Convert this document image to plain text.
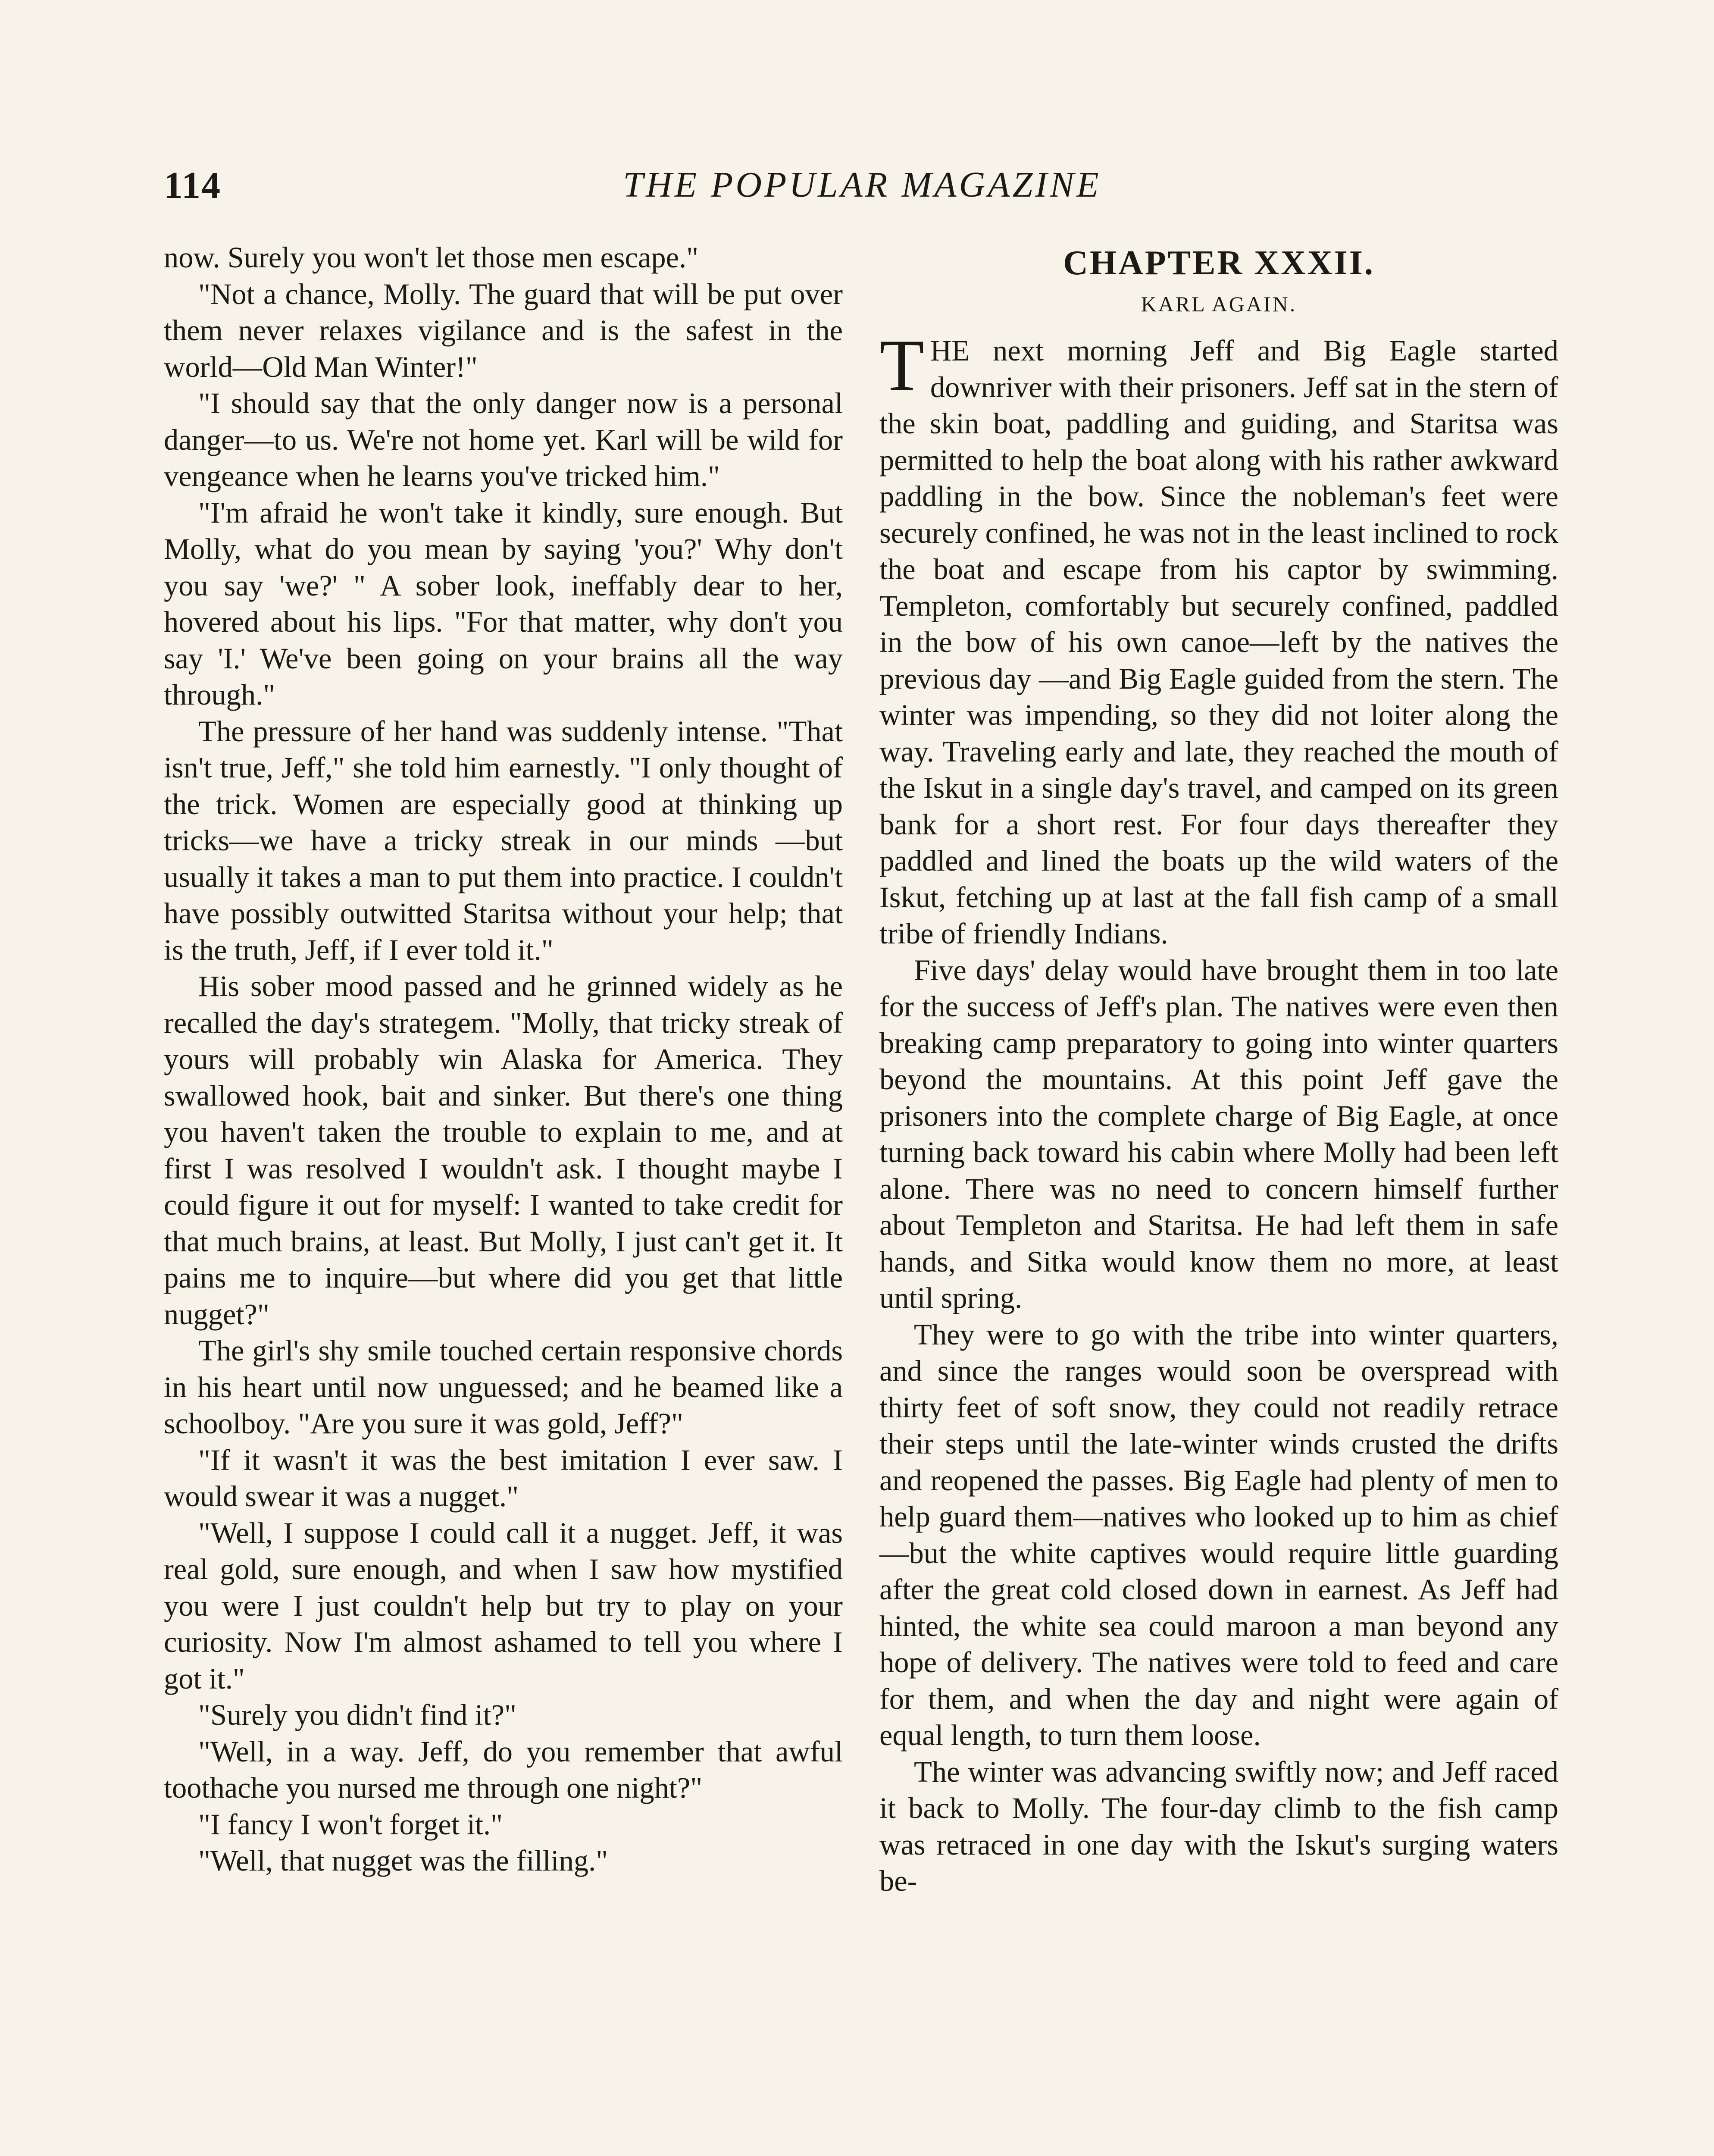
114	THE POPULAR MAGAZINE

now. Surely you won't let those men escape."

"Not a chance, Molly. The guard that will be put over them never relaxes vigilance and is the safest in the world—Old Man Winter!"

"I should say that the only danger now is a personal danger—to us. We're not home yet. Karl will be wild for vengeance when he learns you've tricked him."

"I'm afraid he won't take it kindly, sure enough. But Molly, what do you mean by saying 'you?' Why don't you say 'we?' " A sober look, ineffably dear to her, hovered about his lips. "For that matter, why don't you say 'I.' We've been going on your brains all the way through."

The pressure of her hand was suddenly intense. "That isn't true, Jeff," she told him earnestly. "I only thought of the trick. Women are especially good at thinking up tricks—we have a tricky streak in our minds —but usually it takes a man to put them into practice. I couldn't have possibly outwitted Staritsa without your help; that is the truth, Jeff, if I ever told it."

His sober mood passed and he grinned widely as he recalled the day's strategem. "Molly, that tricky streak of yours will probably win Alaska for America. They swallowed hook, bait and sinker. But there's one thing you haven't taken the trouble to explain to me, and at first I was resolved I wouldn't ask. I thought maybe I could figure it out for myself: I wanted to take credit for that much brains, at least. But Molly, I just can't get it. It pains me to inquire—but where did you get that little nugget?"

The girl's shy smile touched certain responsive chords in his heart until now unguessed; and he beamed like a schoolboy. "Are you sure it was gold, Jeff?"

"If it wasn't it was the best imitation I ever saw. I would swear it was a nugget."

"Well, I suppose I could call it a nugget. Jeff, it was real gold, sure enough, and when I saw how mystified you were I just couldn't help but try to play on your curiosity. Now I'm almost ashamed to tell you where I got it."

"Surely you didn't find it?"

"Well, in a way. Jeff, do you remember that awful toothache you nursed me through one night?"

"I fancy I won't forget it."

"Well, that nugget was the filling."

CHAPTER XXXII.
KARL AGAIN.

THE next morning Jeff and Big Eagle started downriver with their prisoners. Jeff sat in the stern of the skin boat, paddling and guiding, and Staritsa was permitted to help the boat along with his rather awkward paddling in the bow. Since the nobleman's feet were securely confined, he was not in the least inclined to rock the boat and escape from his captor by swimming. Templeton, comfortably but securely confined, paddled in the bow of his own canoe—left by the natives the previous day —and Big Eagle guided from the stern. The winter was impending, so they did not loiter along the way. Traveling early and late, they reached the mouth of the Iskut in a single day's travel, and camped on its green bank for a short rest. For four days thereafter they paddled and lined the boats up the wild waters of the Iskut, fetching up at last at the fall fish camp of a small tribe of friendly Indians.

Five days' delay would have brought them in too late for the success of Jeff's plan. The natives were even then breaking camp preparatory to going into winter quarters beyond the mountains. At this point Jeff gave the prisoners into the complete charge of Big Eagle, at once turning back toward his cabin where Molly had been left alone. There was no need to concern himself further about Templeton and Staritsa. He had left them in safe hands, and Sitka would know them no more, at least until spring.

They were to go with the tribe into winter quarters, and since the ranges would soon be overspread with thirty feet of soft snow, they could not readily retrace their steps until the late-winter winds crusted the drifts and reopened the passes. Big Eagle had plenty of men to help guard them—natives who looked up to him as chief—but the white captives would require little guarding after the great cold closed down in earnest. As Jeff had hinted, the white sea could maroon a man beyond any hope of delivery. The natives were told to feed and care for them, and when the day and night were again of equal length, to turn them loose.

The winter was advancing swiftly now; and Jeff raced it back to Molly. The four-day climb to the fish camp was retraced in one day with the Iskut's surging waters be-
